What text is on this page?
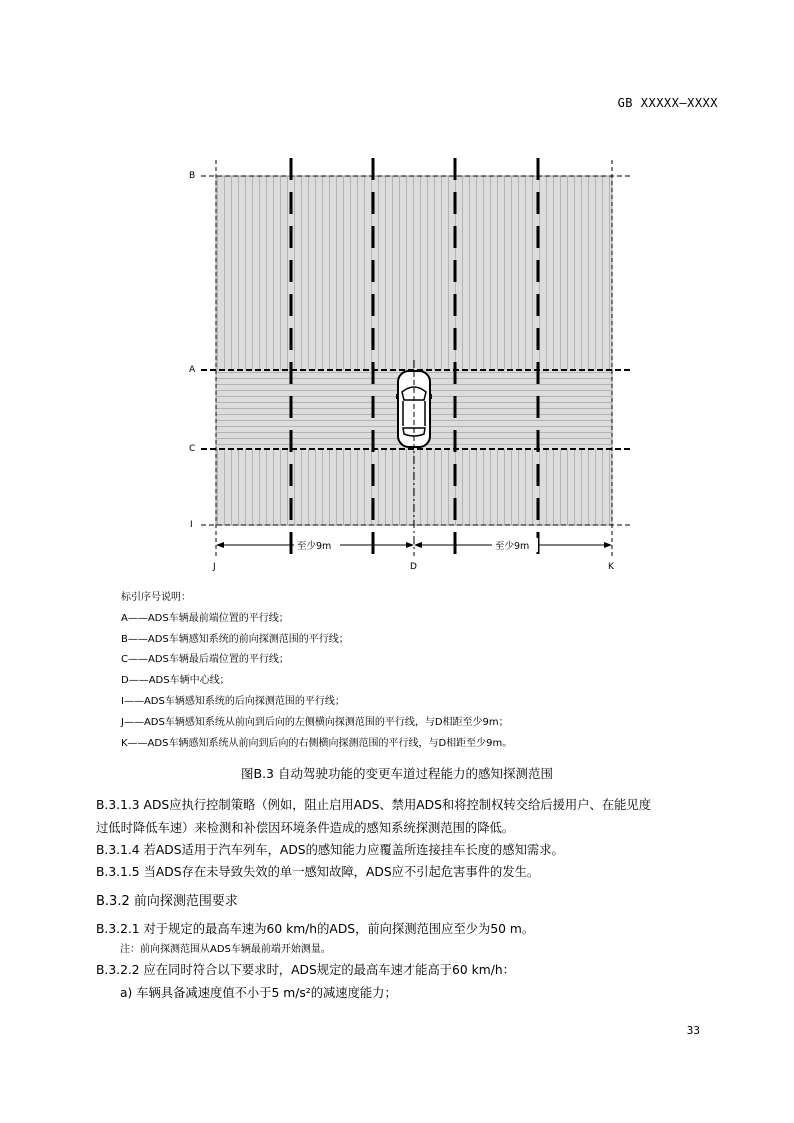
GB XXXXX—XXXX
至少9m	至少9m
B
A
C
I
J	D	K
标引序号说明：
A——ADS车辆最前端位置的平行线；
B——ADS车辆感知系统的前向探测范围的平行线；
C——ADS车辆最后端位置的平行线；
D——ADS车辆中心线；
I——ADS车辆感知系统的后向探测范围的平行线；
J——ADS车辆感知系统从前向到后向的左侧横向探测范围的平行线，与D相距至少9m；
K——ADS车辆感知系统从前向到后向的右侧横向探测范围的平行线，与D相距至少9m。
图B.3 自动驾驶功能的变更车道过程能力的感知探测范围
B.3.1.3 ADS应执行控制策略（例如，阻止启用ADS、禁用ADS和将控制权转交给后援用户、在能见度
过低时降低车速）来检测和补偿因环境条件造成的感知系统探测范围的降低。
B.3.1.4 若ADS适用于汽车列车，ADS的感知能力应覆盖所连接挂车长度的感知需求。
B.3.1.5 当ADS存在未导致失效的单一感知故障，ADS应不引起危害事件的发生。
B.3.2 前向探测范围要求
B.3.2.1 对于规定的最高车速为60 km/h的ADS，前向探测范围应至少为50 m。
注：前向探测范围从ADS车辆最前端开始测量。
B.3.2.2 应在同时符合以下要求时，ADS规定的最高车速才能高于60 km/h：
a) 车辆具备减速度值不小于5 m/s²的减速度能力；
33
